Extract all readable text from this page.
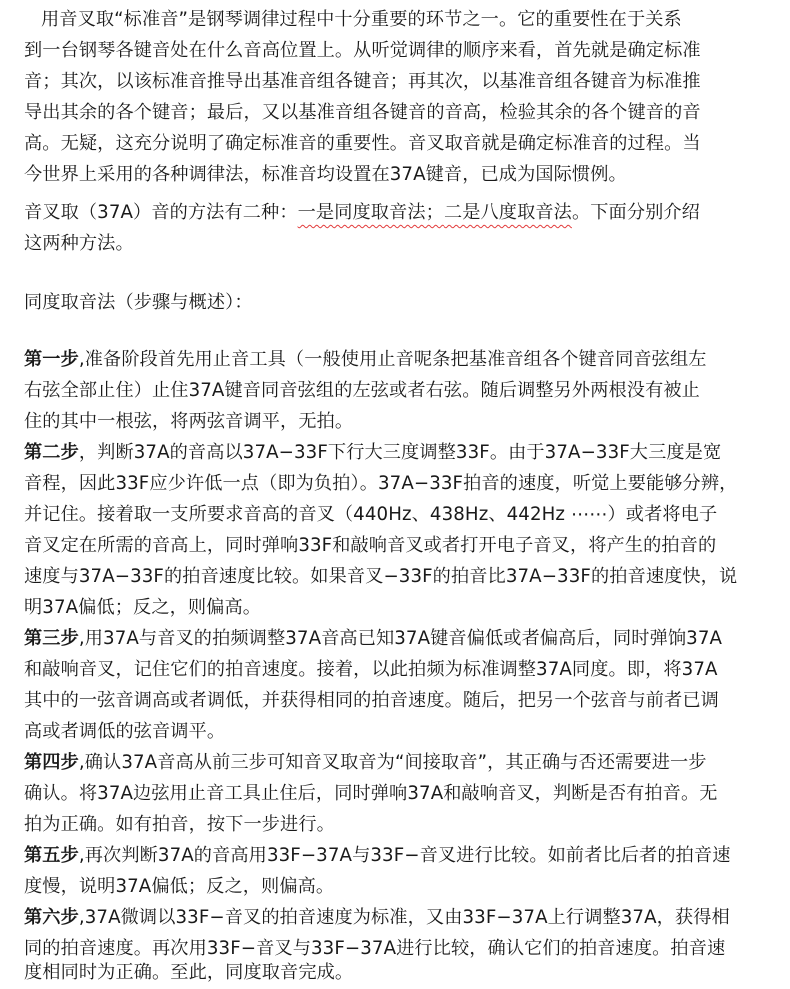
用音叉取“标准音”是钢琴调律过程中十分重要的环节之一。它的重要性在于关系
到一台钢琴各键音处在什么音高位置上。从听觉调律的顺序来看，首先就是确定标准
音；其次，以该标准音推导出基准音组各键音；再其次，以基准音组各键音为标准推
导出其余的各个键音；最后，又以基准音组各键音的音高，检验其余的各个键音的音
高。无疑，这充分说明了确定标准音的重要性。音叉取音就是确定标准音的过程。当
今世界上采用的各种调律法，标准音均设置在37A键音，已成为国际惯例。
音叉取（37A）音的方法有二种：一是同度取音法；二是八度取音法。下面分别介绍
这两种方法。
同度取音法（步骤与概述）：
第一步,准备阶段首先用止音工具（一般使用止音呢条把基准音组各个键音同音弦组左
右弦全部止住）止住37A键音同音弦组的左弦或者右弦。随后调整另外两根没有被止
住的其中一根弦，将两弦音调平，无拍。
第二步，判断37A的音高以37A−33F下行大三度调整33F。由于37A−33F大三度是宽
音程，因此33F应少许低一点（即为负拍）。37A−33F拍音的速度，听觉上要能够分辨，
并记住。接着取一支所要求音高的音叉（440Hz、438Hz、442Hz ⋯⋯）或者将电子
音叉定在所需的音高上，同时弹响33F和敲响音叉或者打开电子音叉，将产生的拍音的
速度与37A−33F的拍音速度比较。如果音叉−33F的拍音比37A−33F的拍音速度快，说
明37A偏低；反之，则偏高。
第三步,用37A与音叉的拍频调整37A音高已知37A键音偏低或者偏高后，同时弹饷37A
和敲响音叉，记住它们的拍音速度。接着，以此拍频为标准调整37A同度。即，将37A
其中的一弦音调高或者调低，并获得相同的拍音速度。随后，把另一个弦音与前者已调
高或者调低的弦音调平。
第四步,确认37A音高从前三步可知音叉取音为“间接取音”，其正确与否还需要进一步
确认。将37A边弦用止音工具止住后，同时弹响37A和敲响音叉，判断是否有拍音。无
拍为正确。如有拍音，按下一步进行。
第五步,再次判断37A的音高用33F−37A与33F−音叉进行比较。如前者比后者的拍音速
度慢，说明37A偏低；反之，则偏高。
第六步,37A微调以33F−音叉的拍音速度为标准，又由33F−37A上行调整37A，获得相
同的拍音速度。再次用33F−音叉与33F−37A进行比较，确认它们的拍音速度。拍音速
度相同时为正确。至此，同度取音完成。
